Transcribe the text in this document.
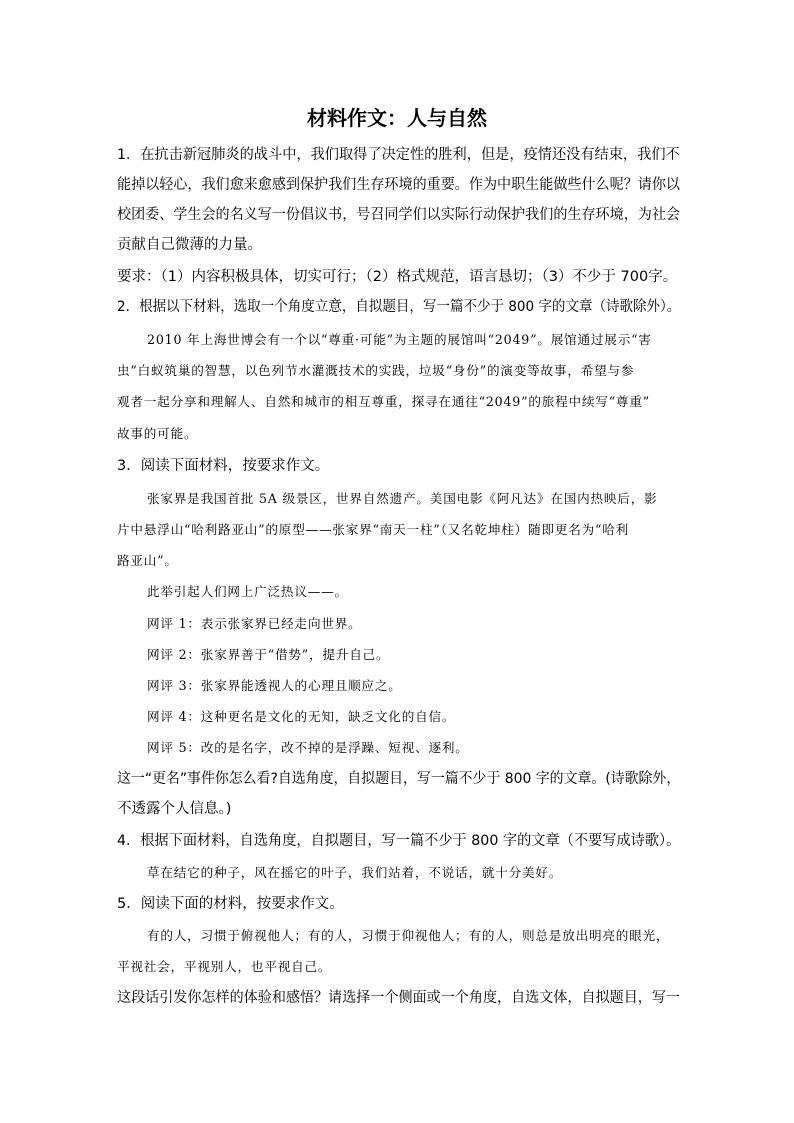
材料作文：人与自然
1．在抗击新冠肺炎的战斗中，我们取得了决定性的胜利，但是，疫情还没有结束，我们不
能掉以轻心，我们愈来愈感到保护我们生存环境的重要。作为中职生能做些什么呢？请你以
校团委、学生会的名义写一份倡议书，号召同学们以实际行动保护我们的生存环境，为社会
贡献自己微薄的力量。
要求：（1）内容积极具体，切实可行；（2）格式规范，语言恳切；（3）不少于 700字。
2．根据以下材料，选取一个角度立意，自拟题目，写一篇不少于 800 字的文章（诗歌除外）。
2010 年上海世博会有一个以“尊重·可能”为主题的展馆叫“2049”。展馆通过展示“害
虫”白蚁筑巢的智慧，以色列节水灌溉技术的实践，垃圾“身份”的演变等故事，希望与参
观者一起分享和理解人、自然和城市的相互尊重，探寻在通往“2049”的旅程中续写“尊重”
故事的可能。
3．阅读下面材料，按要求作文。
张家界是我国首批 5A 级景区，世界自然遗产。美国电影《阿凡达》在国内热映后，影
片中悬浮山“哈利路亚山”的原型——张家界“南天一柱”（又名乾坤柱）随即更名为“哈利
路亚山”。
此举引起人们网上广泛热议——。
网评 1：表示张家界已经走向世界。
网评 2：张家界善于“借势”，提升自己。
网评 3：张家界能透视人的心理且顺应之。
网评 4：这种更名是文化的无知，缺乏文化的自信。
网评 5：改的是名字，改不掉的是浮躁、短视、逐利。
这一“更名”事件你怎么看?自选角度，自拟题目，写一篇不少于 800 字的文章。(诗歌除外，
不透露个人信息。)
4．根据下面材料，自选角度，自拟题目，写一篇不少于 800 字的文章（不要写成诗歌）。
草在结它的种子，风在摇它的叶子，我们站着，不说话，就十分美好。
5．阅读下面的材料，按要求作文。
有的人，习惯于俯视他人；有的人，习惯于仰视他人；有的人，则总是放出明亮的眼光，
平视社会，平视别人，也平视自己。
这段话引发你怎样的体验和感悟？请选择一个侧面或一个角度，自选文体，自拟题目，写一
